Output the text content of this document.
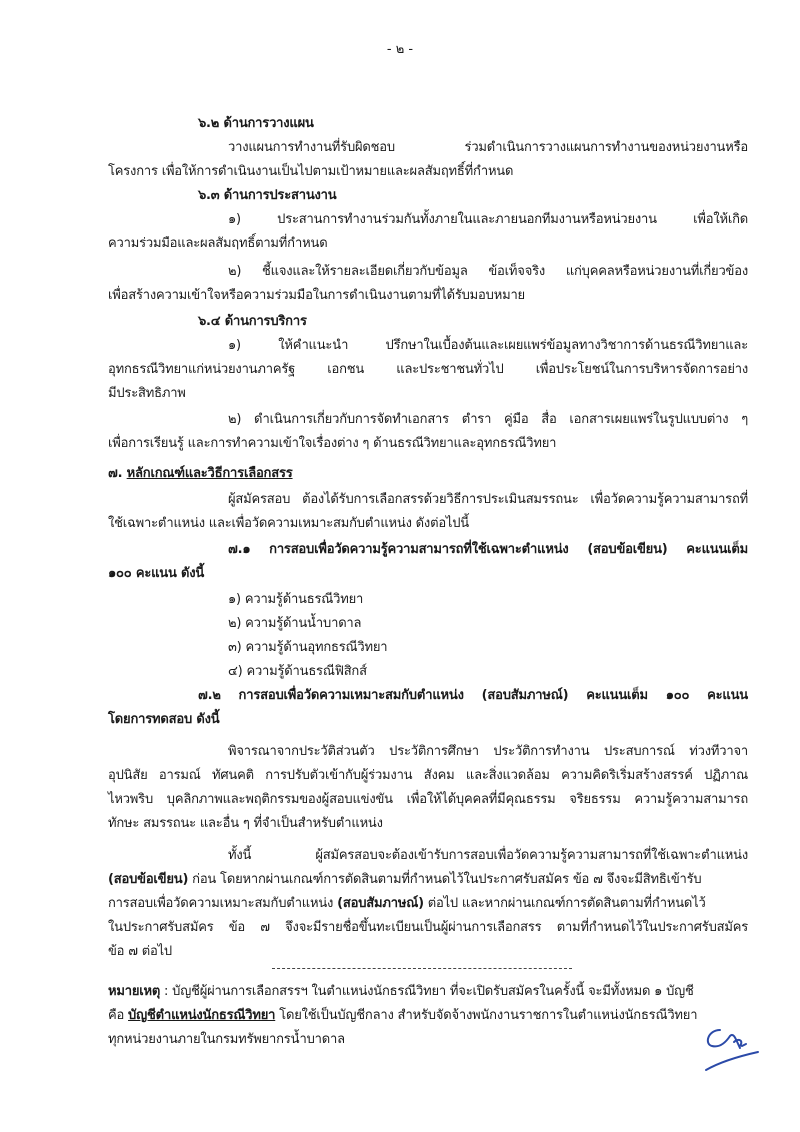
- ๒ -
๖.๒ ด้านการวางแผน
วางแผนการทำงานที่รับผิดชอบ ร่วมดำเนินการวางแผนการทำงานของหน่วยงานหรือ
โครงการ เพื่อให้การดำเนินงานเป็นไปตามเป้าหมายและผลสัมฤทธิ์ที่กำหนด
๖.๓ ด้านการประสานงาน
๑) ประสานการทำงานร่วมกันทั้งภายในและภายนอกทีมงานหรือหน่วยงาน เพื่อให้เกิด
ความร่วมมือและผลสัมฤทธิ์ตามที่กำหนด
๒) ชี้แจงและให้รายละเอียดเกี่ยวกับข้อมูล ข้อเท็จจริง แก่บุคคลหรือหน่วยงานที่เกี่ยวข้อง
เพื่อสร้างความเข้าใจหรือความร่วมมือในการดำเนินงานตามที่ได้รับมอบหมาย
๖.๔ ด้านการบริการ
๑) ให้คำแนะนำ ปรึกษาในเบื้องต้นและเผยแพร่ข้อมูลทางวิชาการด้านธรณีวิทยาและ
อุทกธรณีวิทยาแก่หน่วยงานภาครัฐ เอกชน และประชาชนทั่วไป เพื่อประโยชน์ในการบริหารจัดการอย่าง
มีประสิทธิภาพ
๒) ดำเนินการเกี่ยวกับการจัดทำเอกสาร ตำรา คู่มือ สื่อ เอกสารเผยแพร่ในรูปแบบต่าง ๆ
เพื่อการเรียนรู้ และการทำความเข้าใจเรื่องต่าง ๆ ด้านธรณีวิทยาและอุทกธรณีวิทยา
๗. หลักเกณฑ์และวิธีการเลือกสรร
ผู้สมัครสอบ ต้องได้รับการเลือกสรรด้วยวิธีการประเมินสมรรถนะ เพื่อวัดความรู้ความสามารถที่
ใช้เฉพาะตำแหน่ง และเพื่อวัดความเหมาะสมกับตำแหน่ง ดังต่อไปนี้
๗.๑ การสอบเพื่อวัดความรู้ความสามารถที่ใช้เฉพาะตำแหน่ง (สอบข้อเขียน) คะแนนเต็ม
๑๐๐ คะแนน ดังนี้
๑) ความรู้ด้านธรณีวิทยา
๒) ความรู้ด้านน้ำบาดาล
๓) ความรู้ด้านอุทกธรณีวิทยา
๔) ความรู้ด้านธรณีฟิสิกส์
๗.๒ การสอบเพื่อวัดความเหมาะสมกับตำแหน่ง (สอบสัมภาษณ์) คะแนนเต็ม ๑๐๐ คะแนน
โดยการทดสอบ ดังนี้
พิจารณาจากประวัติส่วนตัว ประวัติการศึกษา ประวัติการทำงาน ประสบการณ์ ท่วงทีวาจา
อุปนิสัย อารมณ์ ทัศนคติ การปรับตัวเข้ากับผู้ร่วมงาน สังคม และสิ่งแวดล้อม ความคิดริเริ่มสร้างสรรค์ ปฏิภาณ
ไหวพริบ บุคลิกภาพและพฤติกรรมของผู้สอบแข่งขัน เพื่อให้ได้บุคคลที่มีคุณธรรม จริยธรรม ความรู้ความสามารถ
ทักษะ สมรรถนะ และอื่น ๆ ที่จำเป็นสำหรับตำแหน่ง
ทั้งนี้ ผู้สมัครสอบจะต้องเข้ารับการสอบเพื่อวัดความรู้ความสามารถที่ใช้เฉพาะตำแหน่ง
(สอบข้อเขียน) ก่อน โดยหากผ่านเกณฑ์การตัดสินตามที่กำหนดไว้ในประกาศรับสมัคร ข้อ ๗ จึงจะมีสิทธิเข้ารับ
การสอบเพื่อวัดความเหมาะสมกับตำแหน่ง (สอบสัมภาษณ์) ต่อไป และหากผ่านเกณฑ์การตัดสินตามที่กำหนดไว้
ในประกาศรับสมัคร ข้อ ๗ จึงจะมีรายชื่อขึ้นทะเบียนเป็นผู้ผ่านการเลือกสรร ตามที่กำหนดไว้ในประกาศรับสมัคร
ข้อ ๗ ต่อไป
หมายเหตุ : บัญชีผู้ผ่านการเลือกสรรฯ ในตำแหน่งนักธรณีวิทยา ที่จะเปิดรับสมัครในครั้งนี้ จะมีทั้งหมด ๑ บัญชี
คือ บัญชีตำแหน่งนักธรณีวิทยา โดยใช้เป็นบัญชีกลาง สำหรับจัดจ้างพนักงานราชการในตำแหน่งนักธรณีวิทยา
ทุกหน่วยงานภายในกรมทรัพยากรน้ำบาดาล
